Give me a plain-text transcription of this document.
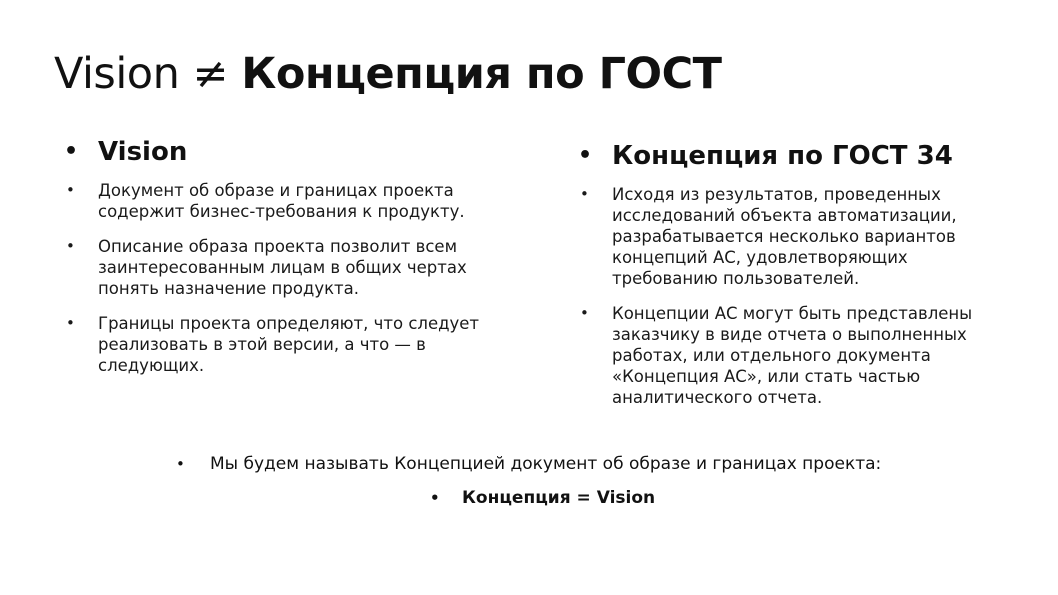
Vision ≠ Концепция по ГОСТ
• Vision
• Документ об образе и границах проекта содержит бизнес-требования к продукту.
• Описание образа проекта позволит всем заинтересованным лицам в общих чертах понять назначение продукта.
• Границы проекта определяют, что следует реализовать в этой версии, а что — в следующих.
• Концепция по ГОСТ 34
• Исходя из результатов, проведенных исследований объекта автоматизации, разрабатывается несколько вариантов концепций АС, удовлетворяющих требованию пользователей.
• Концепции АС могут быть представлены заказчику в виде отчета о выполненных работах, или отдельного документа «Концепция АС», или стать частью аналитического отчета.
• Мы будем называть Концепцией документ об образе и границах проекта:
• Концепция = Vision
